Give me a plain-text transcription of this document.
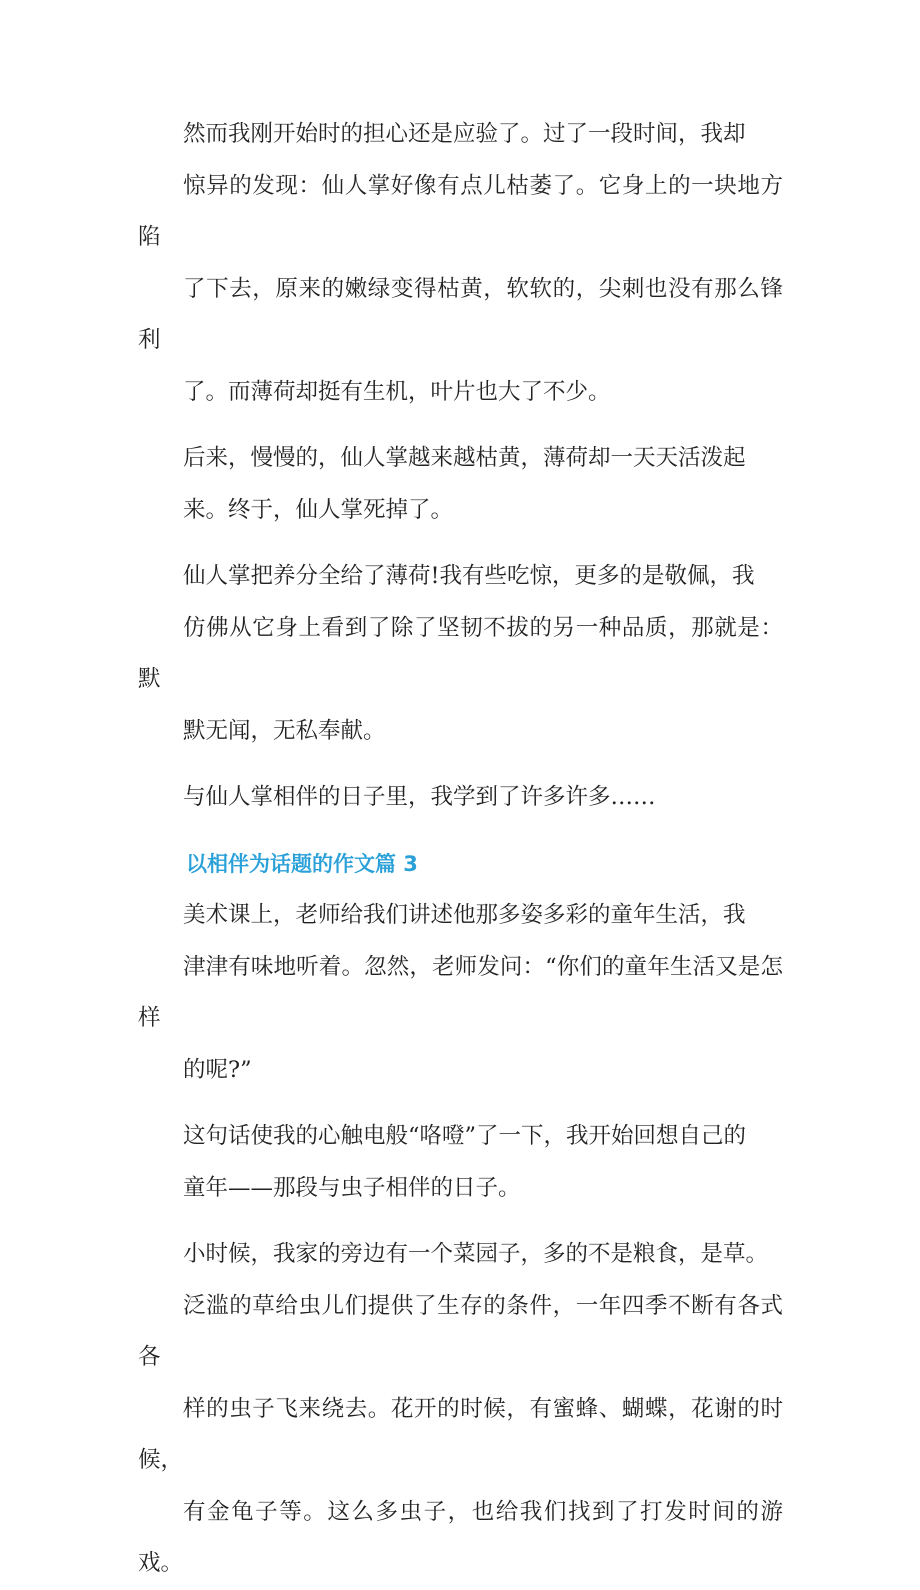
然而我刚开始时的担心还是应验了。过了一段时间，我却
惊异的发现：仙人掌好像有点儿枯萎了。它身上的一块地方陷
了下去，原来的嫩绿变得枯黄，软软的，尖刺也没有那么锋利
了。而薄荷却挺有生机，叶片也大了不少。

后来，慢慢的，仙人掌越来越枯黄，薄荷却一天天活泼起
来。终于，仙人掌死掉了。

仙人掌把养分全给了薄荷!我有些吃惊，更多的是敬佩，我
仿佛从它身上看到了除了坚韧不拔的另一种品质，那就是：默
默无闻，无私奉献。

与仙人掌相伴的日子里，我学到了许多许多……

以相伴为话题的作文篇 3

美术课上，老师给我们讲述他那多姿多彩的童年生活，我
津津有味地听着。忽然，老师发问：“你们的童年生活又是怎样
的呢?”

这句话使我的心触电般“咯噔”了一下，我开始回想自己的
童年——那段与虫子相伴的日子。

小时候，我家的旁边有一个菜园子，多的不是粮食，是草。
泛滥的草给虫儿们提供了生存的条件，一年四季不断有各式各
样的虫子飞来绕去。花开的时候，有蜜蜂、蝴蝶，花谢的时候，
有金龟子等。这么多虫子，也给我们找到了打发时间的游戏。
